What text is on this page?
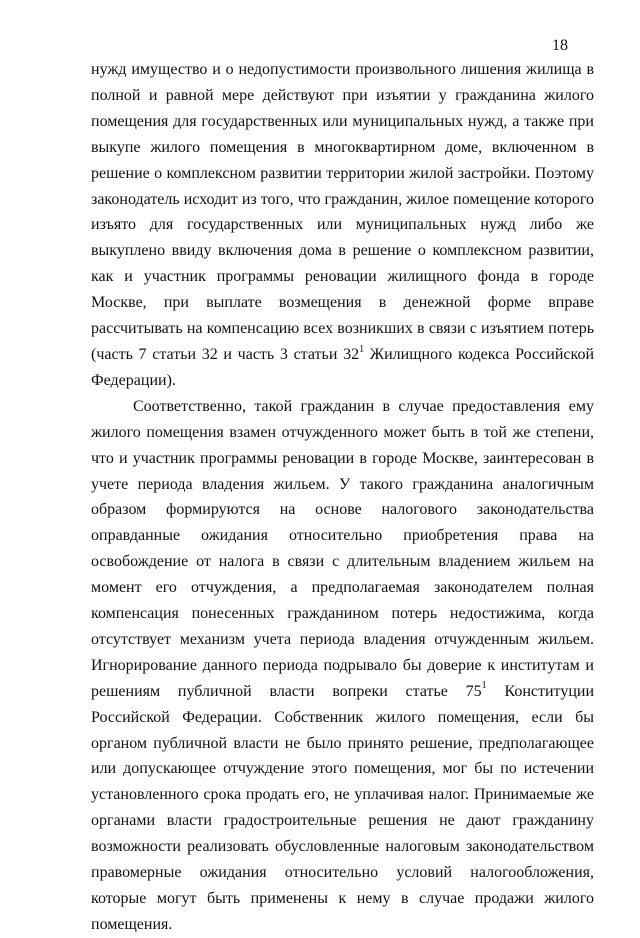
18

нужд имущество и о недопустимости произвольного лишения жилища в полной и равной мере действуют при изъятии у гражданина жилого помещения для государственных или муниципальных нужд, а также при выкупе жилого помещения в многоквартирном доме, включенном в решение о комплексном развитии территории жилой застройки. Поэтому законодатель исходит из того, что гражданин, жилое помещение которого изъято для государственных или муниципальных нужд либо же выкуплено ввиду включения дома в решение о комплексном развитии, как и участник программы реновации жилищного фонда в городе Москве, при выплате возмещения в денежной форме вправе рассчитывать на компенсацию всех возникших в связи с изъятием потерь (часть 7 статьи 32 и часть 3 статьи $32^1$ Жилищного кодекса Российской Федерации).

Соответственно, такой гражданин в случае предоставления ему жилого помещения взамен отчужденного может быть в той же степени, что и участник программы реновации в городе Москве, заинтересован в учете периода владения жильем. У такого гражданина аналогичным образом формируются на основе налогового законодательства оправданные ожидания относительно приобретения права на освобождение от налога в связи с длительным владением жильем на момент его отчуждения, а предполагаемая законодателем полная компенсация понесенных гражданином потерь недостижима, когда отсутствует механизм учета периода владения отчужденным жильем. Игнорирование данного периода подрывало бы доверие к институтам и решениям публичной власти вопреки статье $75^1$ Конституции Российской Федерации. Собственник жилого помещения, если бы органом публичной власти не было принято решение, предполагающее или допускающее отчуждение этого помещения, мог бы по истечении установленного срока продать его, не уплачивая налог. Принимаемые же органами власти градостроительные решения не дают гражданину возможности реализовать обусловленные налоговым законодательством правомерные ожидания относительно условий налогообложения, которые могут быть применены к нему в случае продажи жилого помещения.
